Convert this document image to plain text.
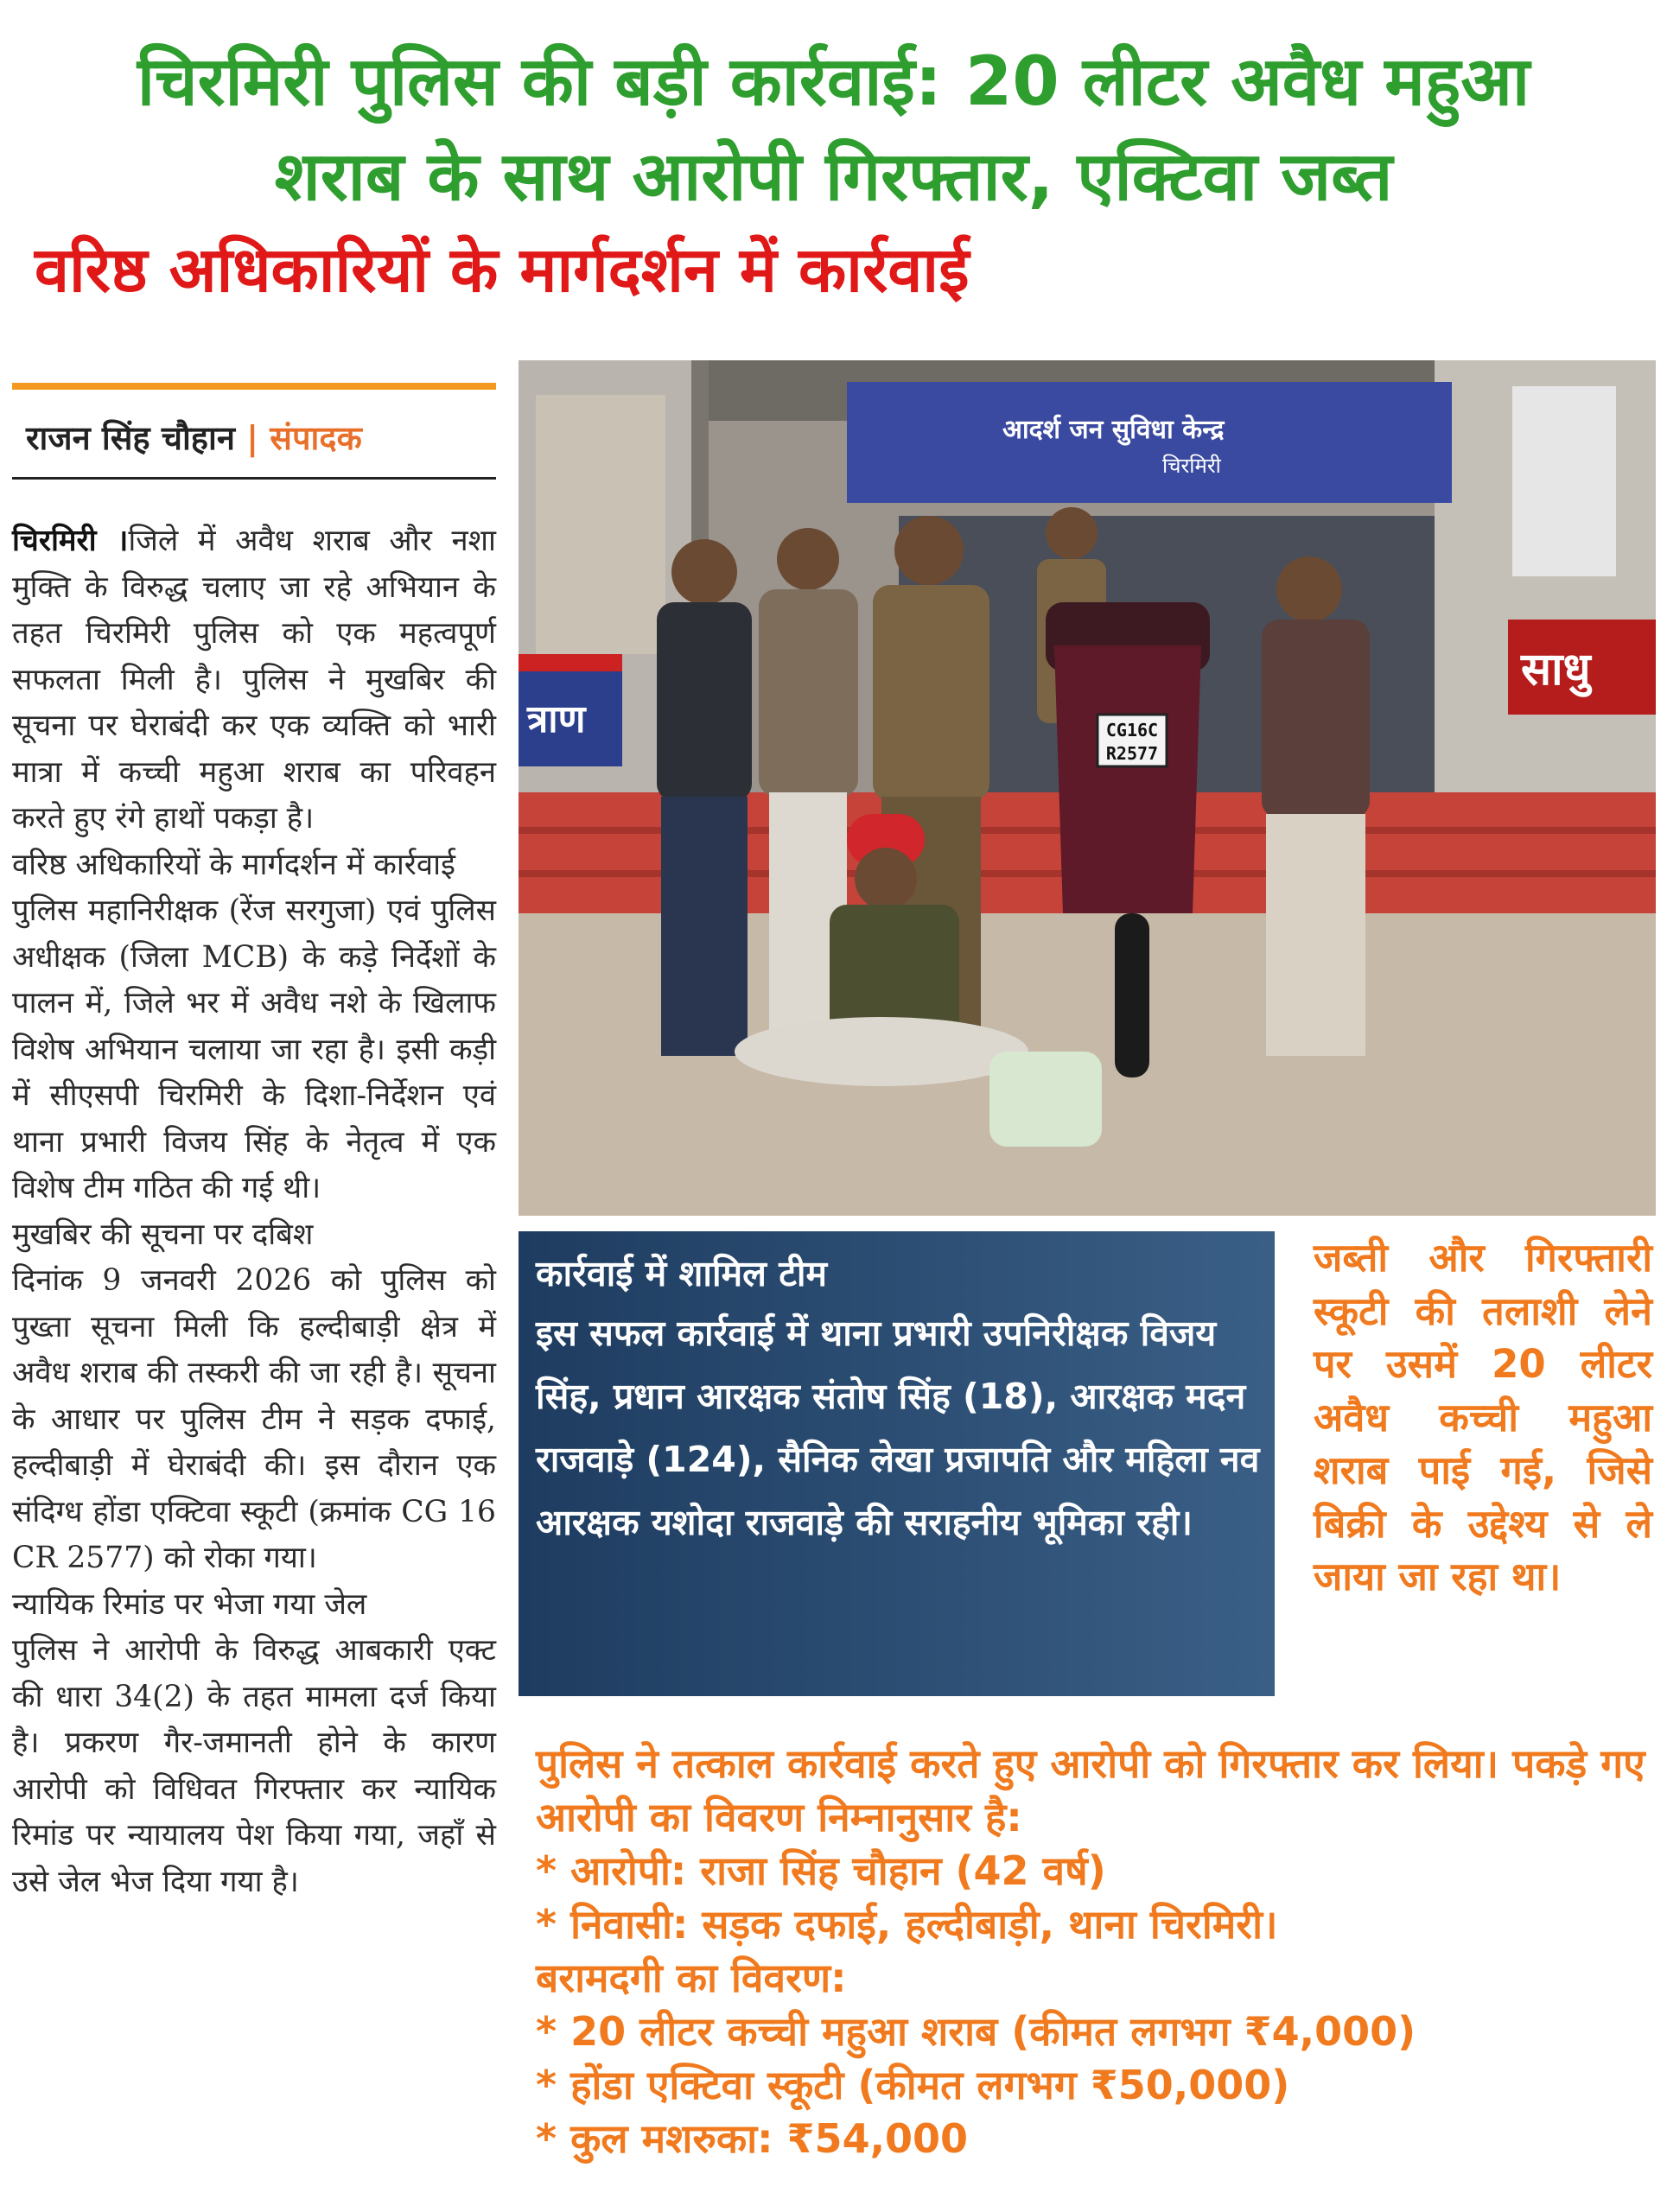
चिरमिरी पुलिस की बड़ी कार्रवाई: 20 लीटर अवैध महुआ
शराब के साथ आरोपी गिरफ्तार, एक्टिवा जब्त
वरिष्ठ अधिकारियों के मार्गदर्शन में कार्रवाई
राजन सिंह चौहान | संपादक

चिरमिरी ।जिले में अवैध शराब और नशा मुक्ति के विरुद्ध चलाए जा रहे अभियान के तहत चिरमिरी पुलिस को एक महत्वपूर्ण सफलता मिली है। पुलिस ने मुखबिर की सूचना पर घेराबंदी कर एक व्यक्ति को भारी मात्रा में कच्ची महुआ शराब का परिवहन करते हुए रंगे हाथों पकड़ा है।

वरिष्ठ अधिकारियों के मार्गदर्शन में कार्रवाई

पुलिस महानिरीक्षक (रेंज सरगुजा) एवं पुलिस अधीक्षक (जिला MCB) के कड़े निर्देशों के पालन में, जिले भर में अवैध नशे के खिलाफ विशेष अभियान चलाया जा रहा है। इसी कड़ी में सीएसपी चिरमिरी के दिशा-निर्देशन एवं थाना प्रभारी विजय सिंह के नेतृत्व में एक विशेष टीम गठित की गई थी।

मुखबिर की सूचना पर दबिश

दिनांक 9 जनवरी 2026 को पुलिस को पुख्ता सूचना मिली कि हल्दीबाड़ी क्षेत्र में अवैध शराब की तस्करी की जा रही है। सूचना के आधार पर पुलिस टीम ने सड़क दफाई, हल्दीबाड़ी में घेराबंदी की। इस दौरान एक संदिग्ध होंडा एक्टिवा स्कूटी (क्रमांक CG 16 CR 2577) को रोका गया।

न्यायिक रिमांड पर भेजा गया जेल

पुलिस ने आरोपी के विरुद्ध आबकारी एक्ट की धारा 34(2) के तहत मामला दर्ज किया है। प्रकरण गैर-जमानती होने के कारण आरोपी को विधिवत गिरफ्तार कर न्यायिक रिमांड पर न्यायालय पेश किया गया, जहाँ से उसे जेल भेज दिया गया है।

आदर्श जन सुविधा केन्द्र
चिरमिरी
त्राण
साधु
CG16C
R2577
कार्रवाई में शामिल टीम
इस सफल कार्रवाई में थाना प्रभारी उपनिरीक्षक विजय सिंह, प्रधान आरक्षक संतोष सिंह (18), आरक्षक मदन राजवाड़े (124), सैनिक लेखा प्रजापति और महिला नव आरक्षक यशोदा राजवाड़े की सराहनीय भूमिका रही।
जब्ती और गिरफ्तारी
स्कूटी की तलाशी लेने पर उसमें 20 लीटर अवैध कच्ची महुआ शराब पाई गई, जिसे बिक्री के उद्देश्य से ले जाया जा रहा था।
पुलिस ने तत्काल कार्रवाई करते हुए आरोपी को गिरफ्तार कर लिया। पकड़े गए आरोपी का विवरण निम्नानुसार है:
* आरोपी: राजा सिंह चौहान (42 वर्ष)
* निवासी: सड़क दफाई, हल्दीबाड़ी, थाना चिरमिरी।
बरामदगी का विवरण:
* 20 लीटर कच्ची महुआ शराब (कीमत लगभग ₹4,000)
* होंडा एक्टिवा स्कूटी (कीमत लगभग ₹50,000)
* कुल मशरुका: ₹54,000
